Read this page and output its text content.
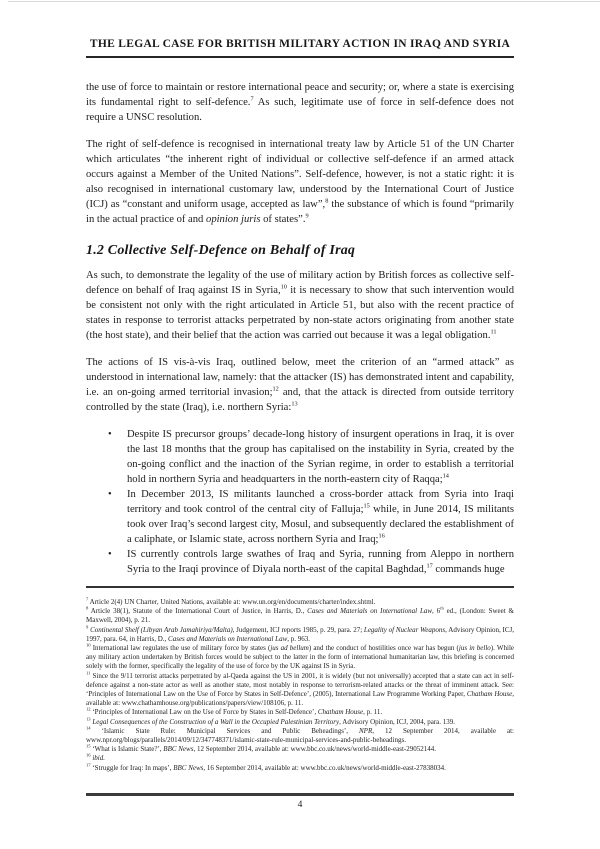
THE LEGAL CASE FOR BRITISH MILITARY ACTION IN IRAQ AND SYRIA

the use of force to maintain or restore international peace and security; or, where a state is exercising its fundamental right to self-defence.$^7$ As such, legitimate use of force in self-defence does not require a UNSC resolution.

The right of self-defence is recognised in international treaty law by Article 51 of the UN Charter which articulates “the inherent right of individual or collective self-defence if an armed attack occurs against a Member of the United Nations”. Self-defence, however, is not a static right: it is also recognised in international customary law, understood by the International Court of Justice (ICJ) as “constant and uniform usage, accepted as law”,$^8$ the substance of which is found “primarily in the actual practice of and opinion juris of states”.$^9$

1.2 Collective Self-Defence on Behalf of Iraq

As such, to demonstrate the legality of the use of military action by British forces as collective self-defence on behalf of Iraq against IS in Syria,$^{10}$ it is necessary to show that such intervention would be consistent not only with the right articulated in Article 51, but also with the recent practice of states in response to terrorist attacks perpetrated by non-state actors originating from another state (the host state), and their belief that the action was carried out because it was a legal obligation.$^{11}$

The actions of IS vis-à-vis Iraq, outlined below, meet the criterion of an “armed attack” as understood in international law, namely: that the attacker (IS) has demonstrated intent and capability, i.e. an on-going armed territorial invasion;$^{12}$ and, that the attack is directed from outside territory controlled by the state (Iraq), i.e. northern Syria:$^{13}$

• Despite IS precursor groups’ decade-long history of insurgent operations in Iraq, it is over the last 18 months that the group has capitalised on the instability in Syria, created by the on-going conflict and the inaction of the Syrian regime, in order to establish a territorial hold in northern Syria and headquarters in the north-eastern city of Raqqa;$^{14}$
• In December 2013, IS militants launched a cross-border attack from Syria into Iraqi territory and took control of the central city of Falluja;$^{15}$ while, in June 2014, IS militants took over Iraq’s second largest city, Mosul, and subsequently declared the establishment of a caliphate, or Islamic state, across northern Syria and Iraq;$^{16}$
• IS currently controls large swathes of Iraq and Syria, running from Aleppo in northern Syria to the Iraqi province of Diyala north-east of the capital Baghdad,$^{17}$ commands huge

$^7$ Article 2(4) UN Charter, United Nations, available at: www.un.org/en/documents/charter/index.shtml.

$^8$ Article 38(1), Statute of the International Court of Justice, in Harris, D., Cases and Materials on International Law, 6th ed., (London: Sweet & Maxwell, 2004), p. 21.

$^9$ Continental Shelf (Libyan Arab Jamahiriya/Malta), Judgement, ICJ reports 1985, p. 29, para. 27; Legality of Nuclear Weapons, Advisory Opinion, ICJ, 1997, para. 64, in Harris, D., Cases and Materials on International Law, p. 963.

$^{10}$ International law regulates the use of military force by states (jus ad bellum) and the conduct of hostilities once war has begun (jus in bello). While any military action undertaken by British forces would be subject to the latter in the form of international humanitarian law, this briefing is concerned solely with the former, specifically the legality of the use of force by the UK against IS in Syria.

$^{11}$ Since the 9/11 terrorist attacks perpetrated by al-Qaeda against the US in 2001, it is widely (but not universally) accepted that a state can act in self-defence against a non-state actor as well as another state, most notably in response to terrorism-related attacks or the threat of imminent attack. See: ‘Principles of International Law on the Use of Force by States in Self-Defence’, (2005), International Law Programme Working Paper, Chatham House, available at: www.chathamhouse.org/publications/papers/view/108106, p. 11.

$^{12}$ ‘Principles of International Law on the Use of Force by States in Self-Defence’, Chatham House, p. 11.

$^{13}$ Legal Consequences of the Construction of a Wall in the Occupied Palestinian Territory, Advisory Opinion, ICJ, 2004, para. 139.

$^{14}$ ‘Islamic State Rule: Municipal Services and Public Beheadings’, NPR, 12 September 2014, available at: www.npr.org/blogs/parallels/2014/09/12/347748371/islamic-state-rule-municipal-services-and-public-beheadings.

$^{15}$ ‘What is Islamic State?’, BBC News, 12 September 2014, available at: www.bbc.co.uk/news/world-middle-east-29052144.

$^{16}$ ibid.

$^{17}$ ‘Struggle for Iraq: In maps’, BBC News, 16 September 2014, available at: www.bbc.co.uk/news/world-middle-east-27838034.

4
